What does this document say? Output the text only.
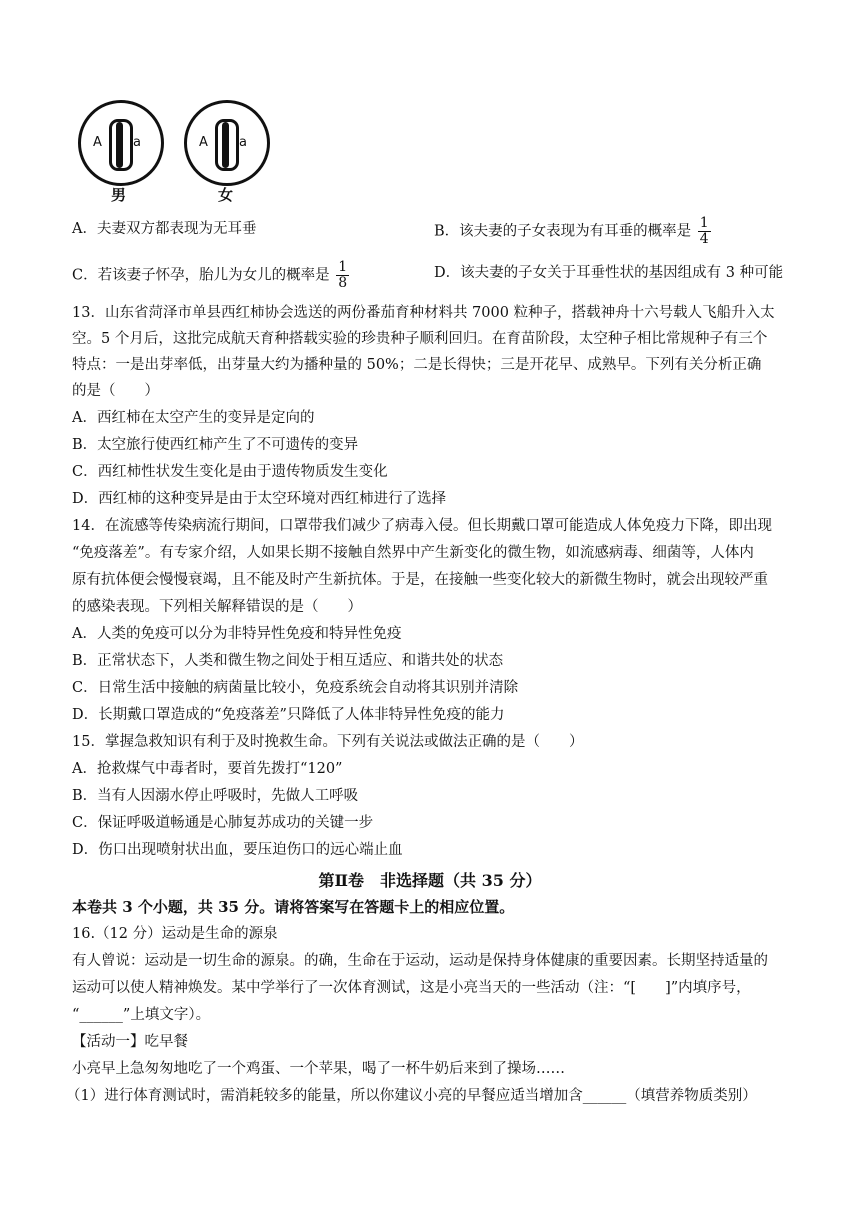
A a
男
A a
女
A．夫妻双方都表现为无耳垂	B．该夫妻的子女表现为有耳垂的概率是 $\frac{1}{4}$
C．若该妻子怀孕，胎儿为女儿的概率是 $\frac{1}{8}$	D．该夫妻的子女关于耳垂性状的基因组成有 3 种可能
13．山东省菏泽市单县西红柿协会选送的两份番茄育种材料共 7000 粒种子，搭载神舟十六号载人飞船升入太
空。5 个月后，这批完成航天育种搭载实验的珍贵种子顺利回归。在育苗阶段，太空种子相比常规种子有三个
特点：一是出芽率低，出芽量大约为播种量的 50%；二是长得快；三是开花早、成熟早。下列有关分析正确
的是（　　）
A．西红柿在太空产生的变异是定向的
B．太空旅行使西红柿产生了不可遗传的变异
C．西红柿性状发生变化是由于遗传物质发生变化
D．西红柿的这种变异是由于太空环境对西红柿进行了选择
14．在流感等传染病流行期间，口罩带我们减少了病毒入侵。但长期戴口罩可能造成人体免疫力下降，即出现
“免疫落差”。有专家介绍，人如果长期不接触自然界中产生新变化的微生物，如流感病毒、细菌等，人体内
原有抗体便会慢慢衰竭，且不能及时产生新抗体。于是，在接触一些变化较大的新微生物时，就会出现较严重
的感染表现。下列相关解释错误的是（　　）
A．人类的免疫可以分为非特异性免疫和特异性免疫
B．正常状态下，人类和微生物之间处于相互适应、和谐共处的状态
C．日常生活中接触的病菌量比较小，免疫系统会自动将其识别并清除
D．长期戴口罩造成的“免疫落差”只降低了人体非特异性免疫的能力
15．掌握急救知识有利于及时挽救生命。下列有关说法或做法正确的是（　　）
A．抢救煤气中毒者时，要首先拨打“120”
B．当有人因溺水停止呼吸时，先做人工呼吸
C．保证呼吸道畅通是心肺复苏成功的关键一步
D．伤口出现喷射状出血，要压迫伤口的远心端止血
第Ⅱ卷　非选择题（共 35 分）
本卷共 3 个小题，共 35 分。请将答案写在答题卡上的相应位置。
16.（12 分）运动是生命的源泉
有人曾说：运动是一切生命的源泉。的确，生命在于运动，运动是保持身体健康的重要因素。长期坚持适量的
运动可以使人精神焕发。某中学举行了一次体育测试，这是小亮当天的一些活动（注：“[　　]”内填序号，
“______”上填文字）。
【活动一】吃早餐
小亮早上急匆匆地吃了一个鸡蛋、一个苹果，喝了一杯牛奶后来到了操场……
（1）进行体育测试时，需消耗较多的能量，所以你建议小亮的早餐应适当增加含______（填营养物质类别）
